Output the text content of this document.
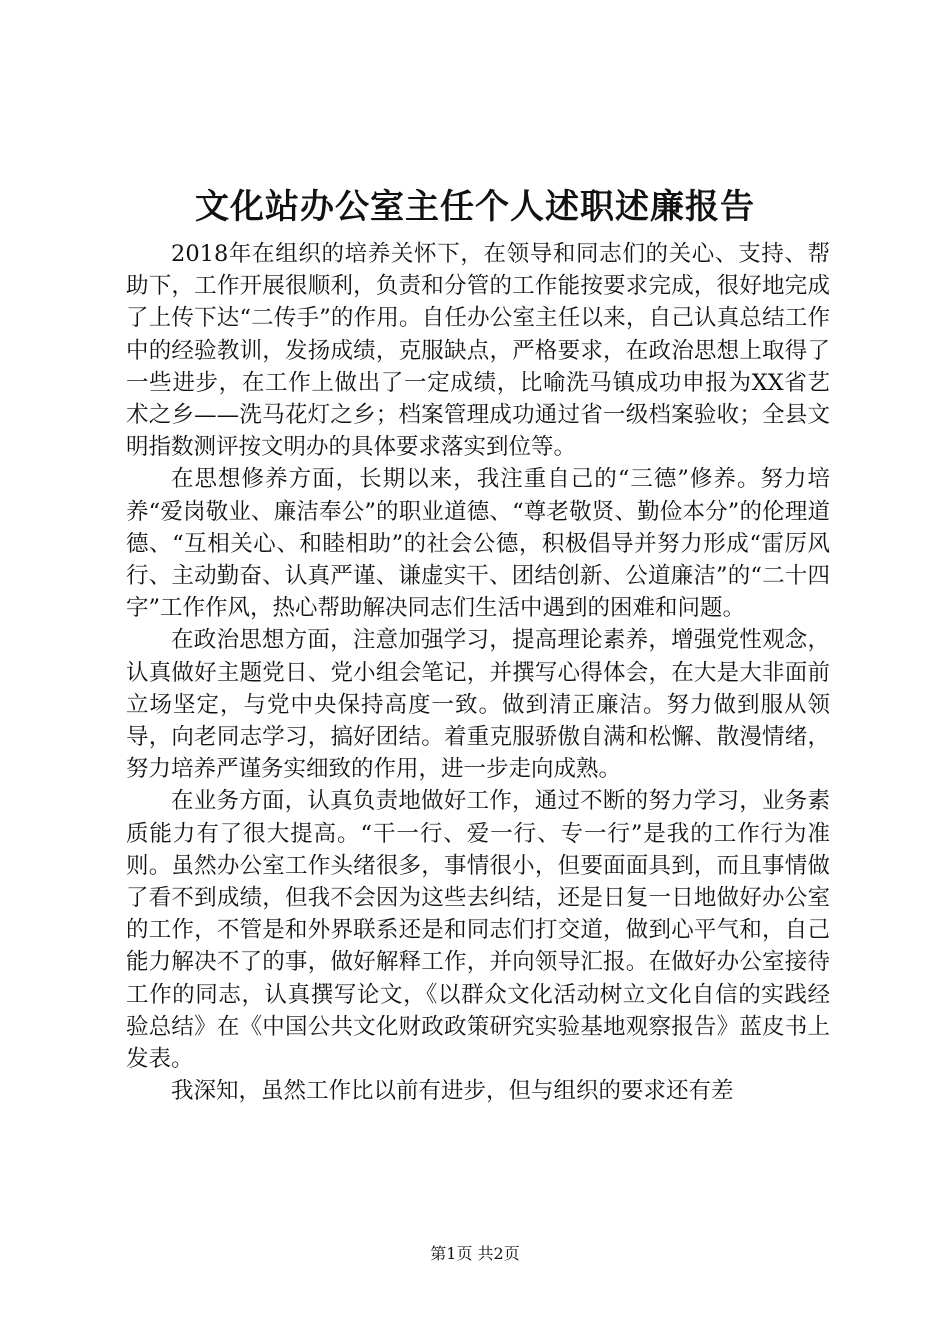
文化站办公室主任个人述职述廉报告

2018年在组织的培养关怀下，在领导和同志们的关心、支持、帮助下，工作开展很顺利，负责和分管的工作能按要求完成，很好地完成了上传下达“二传手”的作用。自任办公室主任以来，自己认真总结工作中的经验教训，发扬成绩，克服缺点，严格要求，在政治思想上取得了一些进步，在工作上做出了一定成绩，比喻洗马镇成功申报为XX省艺术之乡——洗马花灯之乡；档案管理成功通过省一级档案验收；全县文明指数测评按文明办的具体要求落实到位等。

在思想修养方面，长期以来，我注重自己的“三德”修养。努力培养“爱岗敬业、廉洁奉公”的职业道德、“尊老敬贤、勤俭本分”的伦理道德、“互相关心、和睦相助”的社会公德，积极倡导并努力形成“雷厉风行、主动勤奋、认真严谨、谦虚实干、团结创新、公道廉洁”的“二十四字”工作作风，热心帮助解决同志们生活中遇到的困难和问题。

在政治思想方面，注意加强学习，提高理论素养，增强党性观念，认真做好主题党日、党小组会笔记，并撰写心得体会，在大是大非面前立场坚定，与党中央保持高度一致。做到清正廉洁。努力做到服从领导，向老同志学习，搞好团结。着重克服骄傲自满和松懈、散漫情绪，努力培养严谨务实细致的作用，进一步走向成熟。

在业务方面，认真负责地做好工作，通过不断的努力学习，业务素质能力有了很大提高。“干一行、爱一行、专一行”是我的工作行为准则。虽然办公室工作头绪很多，事情很小，但要面面具到，而且事情做了看不到成绩，但我不会因为这些去纠结，还是日复一日地做好办公室的工作，不管是和外界联系还是和同志们打交道，做到心平气和，自己能力解决不了的事，做好解释工作，并向领导汇报。在做好办公室接待工作的同志，认真撰写论文，《以群众文化活动树立文化自信的实践经验总结》在《中国公共文化财政政策研究实验基地观察报告》蓝皮书上发表。

我深知，虽然工作比以前有进步，但与组织的要求还有差

第1页 共2页
